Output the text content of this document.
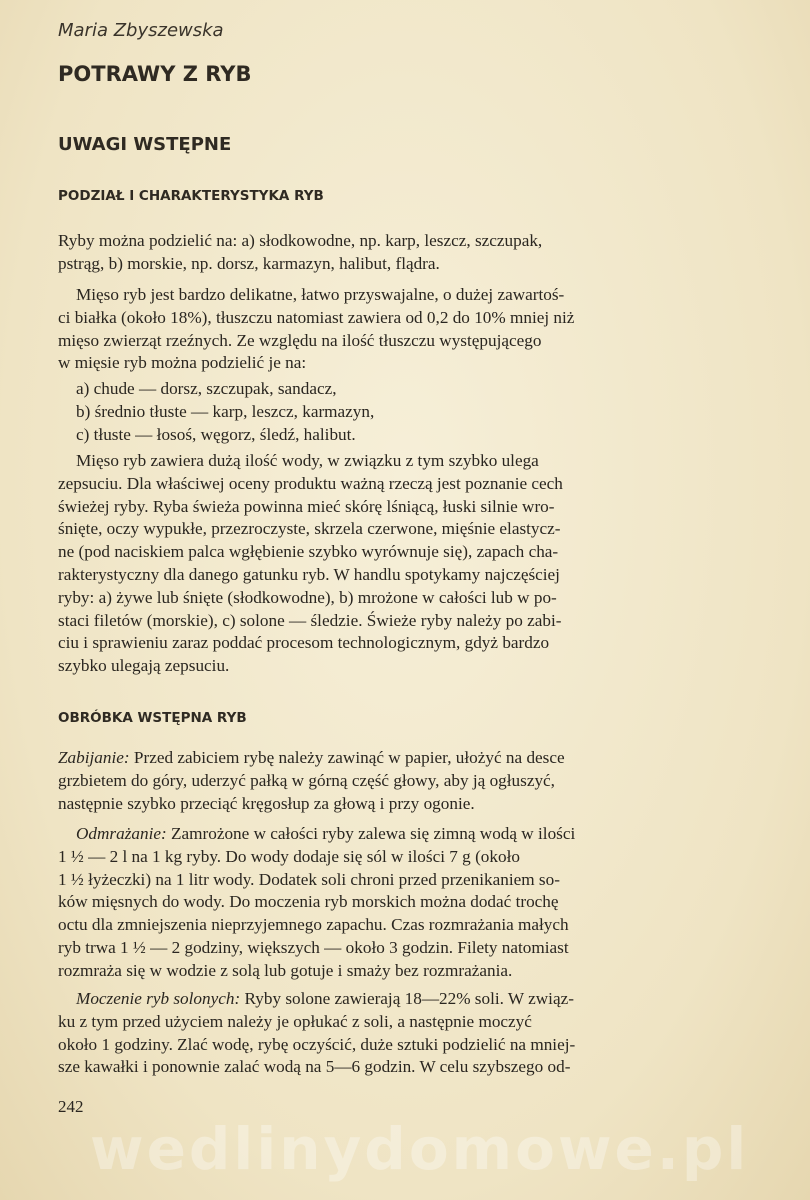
Maria Zbyszewska
POTRAWY Z RYB
UWAGI WSTĘPNE
PODZIAŁ I CHARAKTERYSTYKA RYB

Ryby można podzielić na: a) słodkowodne, np. karp, leszcz, szczupak,
pstrąg, b) morskie, np. dorsz, karmazyn, halibut, flądra.

Mięso ryb jest bardzo delikatne, łatwo przyswajalne, o dużej zawartoś-
ci białka (około 18%), tłuszczu natomiast zawiera od 0,2 do 10% mniej niż
mięso zwierząt rzeźnych. Ze względu na ilość tłuszczu występującego
w mięsie ryb można podzielić je na:

a) chude — dorsz, szczupak, sandacz,
b) średnio tłuste — karp, leszcz, karmazyn,
c) tłuste — łosoś, węgorz, śledź, halibut.

Mięso ryb zawiera dużą ilość wody, w związku z tym szybko ulega
zepsuciu. Dla właściwej oceny produktu ważną rzeczą jest poznanie cech
świeżej ryby. Ryba świeża powinna mieć skórę lśniącą, łuski silnie wro-
śnięte, oczy wypukłe, przezroczyste, skrzela czerwone, mięśnie elastycz-
ne (pod naciskiem palca wgłębienie szybko wyrównuje się), zapach cha-
rakterystyczny dla danego gatunku ryb. W handlu spotykamy najczęściej
ryby: a) żywe lub śnięte (słodkowodne), b) mrożone w całości lub w po-
staci filetów (morskie), c) solone — śledzie. Świeże ryby należy po zabi-
ciu i sprawieniu zaraz poddać procesom technologicznym, gdyż bardzo
szybko ulegają zepsuciu.

OBRÓBKA WSTĘPNA RYB

Zabijanie: Przed zabiciem rybę należy zawinąć w papier, ułożyć na desce
grzbietem do góry, uderzyć pałką w górną część głowy, aby ją ogłuszyć,
następnie szybko przeciąć kręgosłup za głową i przy ogonie.

Odmrażanie: Zamrożone w całości ryby zalewa się zimną wodą w ilości
1 ½ — 2 l na 1 kg ryby. Do wody dodaje się sól w ilości 7 g (około
1 ½ łyżeczki) na 1 litr wody. Dodatek soli chroni przed przenikaniem so-
ków mięsnych do wody. Do moczenia ryb morskich można dodać trochę
octu dla zmniejszenia nieprzyjemnego zapachu. Czas rozmrażania małych
ryb trwa 1 ½ — 2 godziny, większych — około 3 godzin. Filety natomiast
rozmraża się w wodzie z solą lub gotuje i smaży bez rozmrażania.

Moczenie ryb solonych: Ryby solone zawierają 18—22% soli. W związ-
ku z tym przed użyciem należy je opłukać z soli, a następnie moczyć
około 1 godziny. Zlać wodę, rybę oczyścić, duże sztuki podzielić na mniej-
sze kawałki i ponownie zalać wodą na 5—6 godzin. W celu szybszego od-

242
wedlinydomowe.pl
